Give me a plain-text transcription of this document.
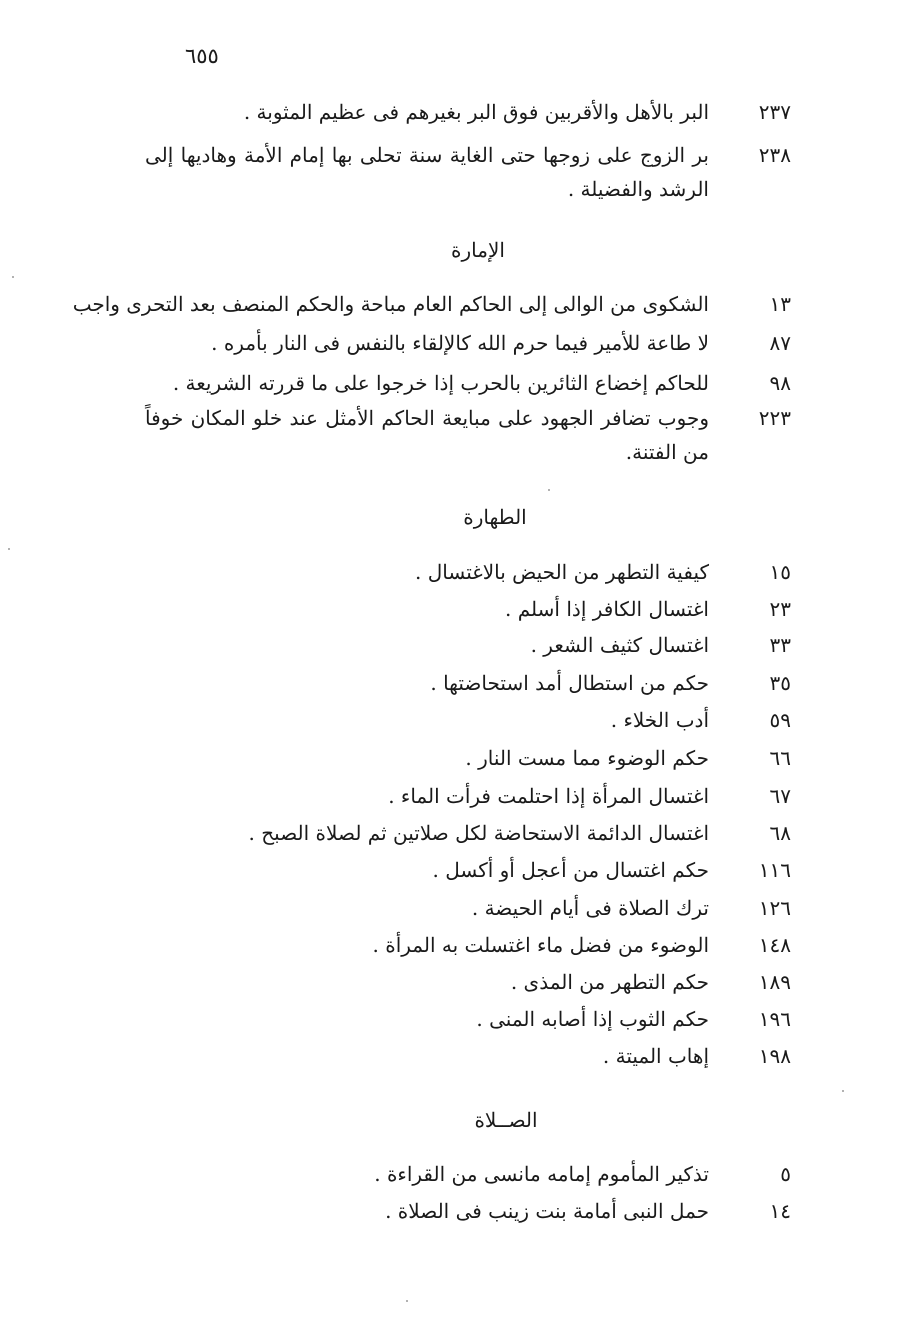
٦٥٥
٢٣٧
البر بالأهل والأقربين فوق البر بغيرهم فى عظيم المثوبة .
٢٣٨
بر الزوج على زوجها حتى الغاية سنة تحلى بها إمام الأمة وهاديها إلى الرشد والفضيلة .
الإمارة
١٣
الشكوى من الوالى إلى الحاكم العام مباحة والحكم المنصف بعد التحرى واجب
٨٧
لا طاعة للأمير فيما حرم الله كالإلقاء بالنفس فى النار بأمره .
٩٨
للحاكم إخضاع الثائرين بالحرب إذا خرجوا على ما قررته الشريعة .
٢٢٣
وجوب تضافر الجهود على مبايعة الحاكم الأمثل عند خلو المكان خوفاً من الفتنة.
الطهارة
١٥
كيفية التطهر من الحيض بالاغتسال .
٢٣
اغتسال الكافر إذا أسلم .
٣٣
اغتسال كثيف الشعر .
٣٥
حكم من استطال أمد استحاضتها .
٥٩
أدب الخلاء .
٦٦
حكم الوضوء مما مست النار .
٦٧
اغتسال المرأة إذا احتلمت فرأت الماء .
٦٨
اغتسال الدائمة الاستحاضة لكل صلاتين ثم لصلاة الصبح .
١١٦
حكم اغتسال من أعجل أو أكسل .
١٢٦
ترك الصلاة فى أيام الحيضة .
١٤٨
الوضوء من فضل ماء اغتسلت به المرأة .
١٨٩
حكم التطهر من المذى .
١٩٦
حكم الثوب إذا أصابه المنى .
١٩٨
إهاب الميتة .
الصــلاة
٥
تذكير المأموم إمامه مانسى من القراءة .
١٤
حمل النبى أمامة بنت زينب فى الصلاة .
